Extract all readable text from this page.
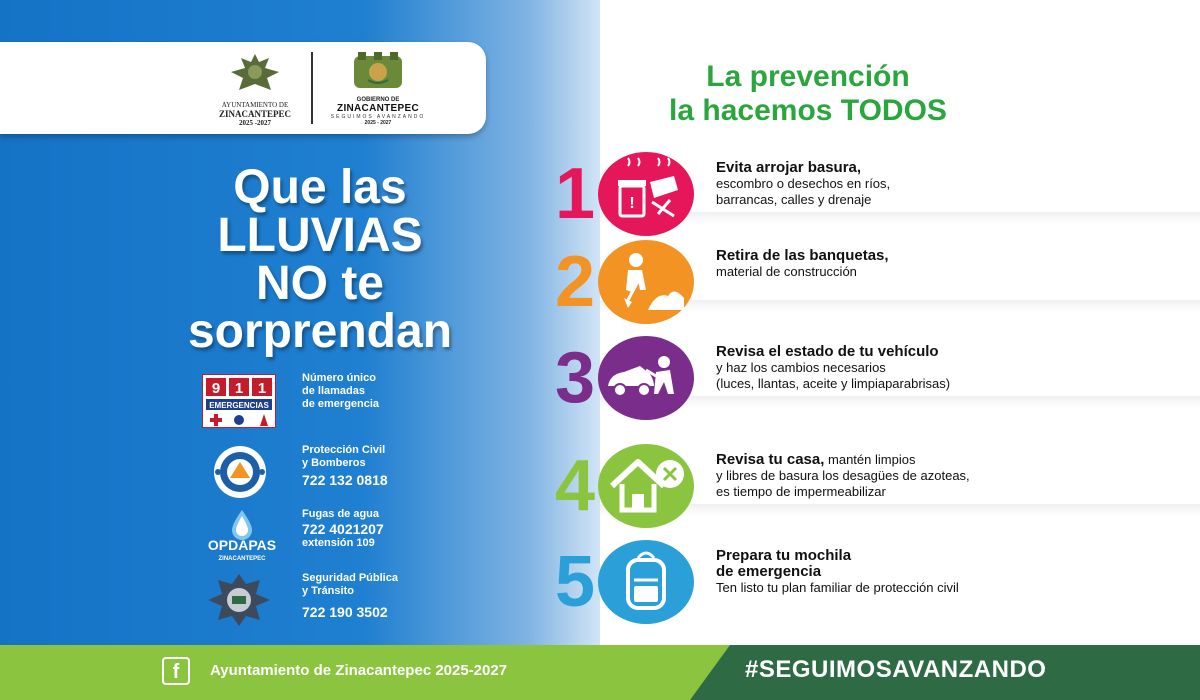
AYUNTAMIENTO DE
ZINACANTEPEC
2025 -2027
GOBIERNO DE
ZINACANTEPEC
SEGUIMOS AVANZANDO
2025 - 2027
Que las
LLUVIAS
NO te
sorprendan
9 1 1
EMERGENCIAS
Número único
de llamadas
de emergencia
Protección Civil
y Bomberos
722 132 0818
OPDAPAS
ZINACANTEPEC
Fugas de agua
722 4021207
extensión 109
Seguridad Pública
y Tránsito
722 190 3502
La prevención
la hacemos TODOS
1	!
Evita arrojar basura,
escombro o desechos en ríos,
barrancas, calles y drenaje
2	Retira de las banquetas,
material de construcción
3	Revisa el estado de tu vehículo
y haz los cambios necesarios
(luces, llantas, aceite y limpiaparabrisas)
4	Revisa tu casa, mantén limpios
y libres de basura los desagües de azoteas,
es tiempo de impermeabilizar
5	Prepara tu mochila
de emergencia
Ten listo tu plan familiar de protección civil
f	Ayuntamiento de Zinacantepec 2025-2027	#SEGUIMOSAVANZANDO
